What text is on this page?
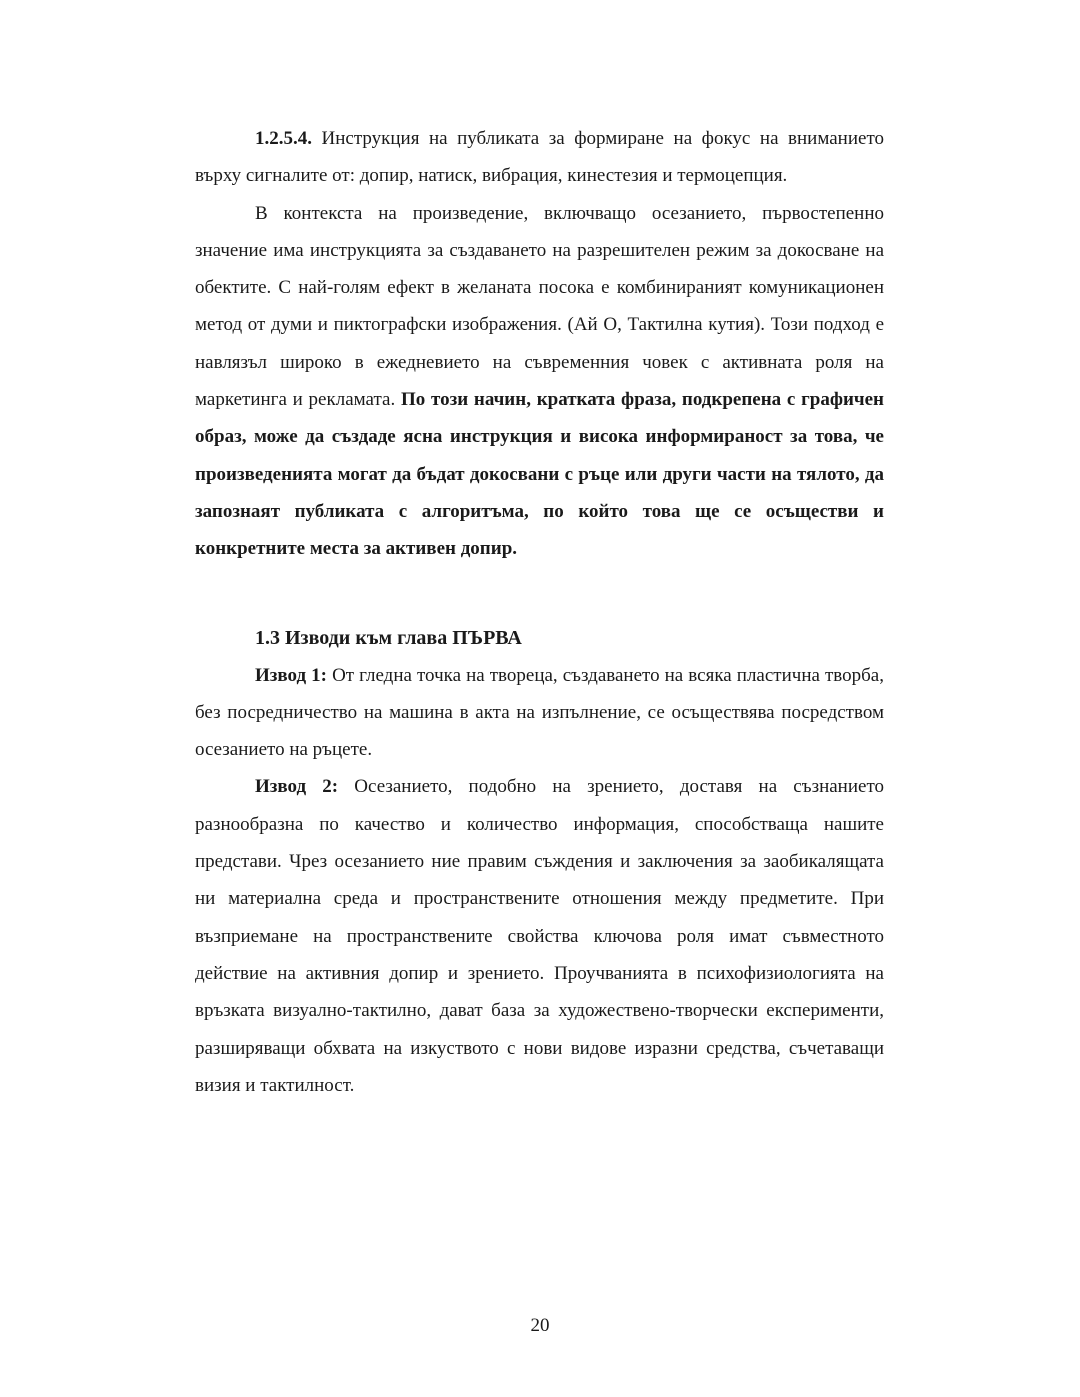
1.2.5.4. Инструкция на публиката за формиране на фокус на вниманието върху сигналите от: допир, натиск, вибрация, кинестезия и термоцепция.

В контекста на произведение, включващо осезанието, първостепенно значение има инструкцията за създаването на разрешителен режим за докосване на обектите. С най-голям ефект в желаната посока е комбинираният комуникационен метод от думи и пиктографски изображения. (Ай О, Тактилна кутия). Този подход е навлязъл широко в ежедневието на съвременния човек с активната роля на маркетинга и рекламата. По този начин, кратката фраза, подкрепена с графичен образ, може да създаде ясна инструкция и висока информираност за това, че произведенията могат да бъдат докосвани с ръце или други части на тялото, да запознаят публиката с алгоритъма, по който това ще се осъществи и конкретните места за активен допир.

1.3 Изводи към глава ПЪРВА

Извод 1: От гледна точка на твореца, създаването на всяка пластична творба, без посредничество на машина в акта на изпълнение, се осъществява посредством осезанието на ръцете.

Извод 2: Осезанието, подобно на зрението, доставя на съзнанието разнообразна по качество и количество информация, способстваща нашите представи. Чрез осезанието ние правим съждения и заключения за заобикалящата ни материална среда и пространствените отношения между предметите. При възприемане на пространствените свойства ключова роля имат съвместното действие на активния допир и зрението. Проучванията в психофизиологията на връзката визуално-тактилно, дават база за художествено-творчески експерименти, разширяващи обхвата на изкуството с нови видове изразни средства, съчетаващи визия и тактилност.

20
